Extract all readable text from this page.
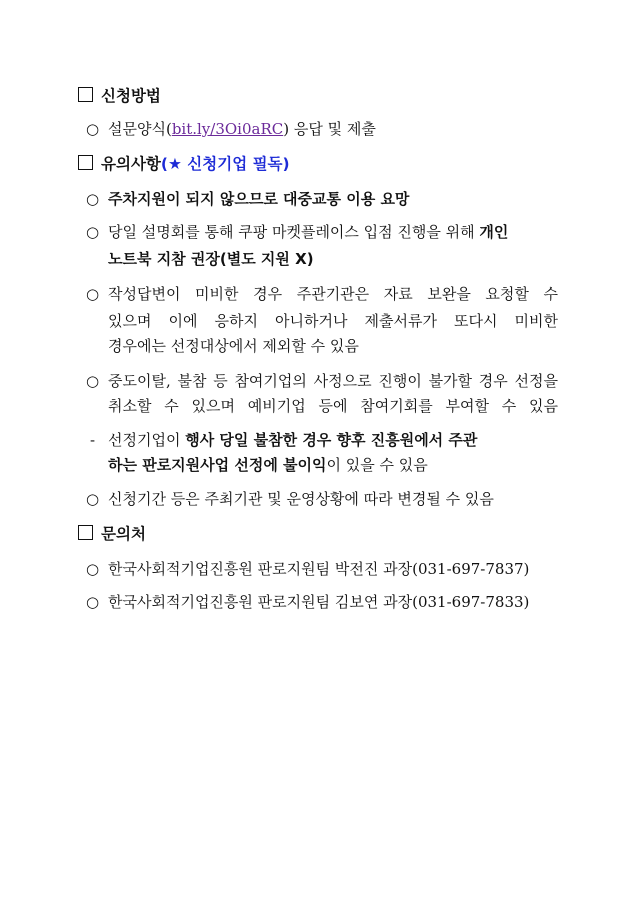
신청방법
○ 설문양식(bit.ly/3Oi0aRC) 응답 및 제출
유의사항(★ 신청기업 필독)
○ 주차지원이 되지 않으므로 대중교통 이용 요망
○ 당일 설명회를 통해 쿠팡 마켓플레이스 입점 진행을 위해 개인
노트북 지참 권장(별도 지원 X)
○ 작성답변이 미비한 경우 주관기관은 자료 보완을 요청할 수
있으며 이에 응하지 아니하거나 제출서류가 또다시 미비한
경우에는 선정대상에서 제외할 수 있음
○ 중도이탈, 불참 등 참여기업의 사정으로 진행이 불가할 경우 선정을
취소할 수 있으며 예비기업 등에 참여기회를 부여할 수 있음
- 선정기업이 행사 당일 불참한 경우 향후 진흥원에서 주관
하는 판로지원사업 선정에 불이익이 있을 수 있음
○ 신청기간 등은 주최기관 및 운영상황에 따라 변경될 수 있음
문의처
○ 한국사회적기업진흥원 판로지원팀 박전진 과장(031-697-7837)
○ 한국사회적기업진흥원 판로지원팀 김보연 과장(031-697-7833)
